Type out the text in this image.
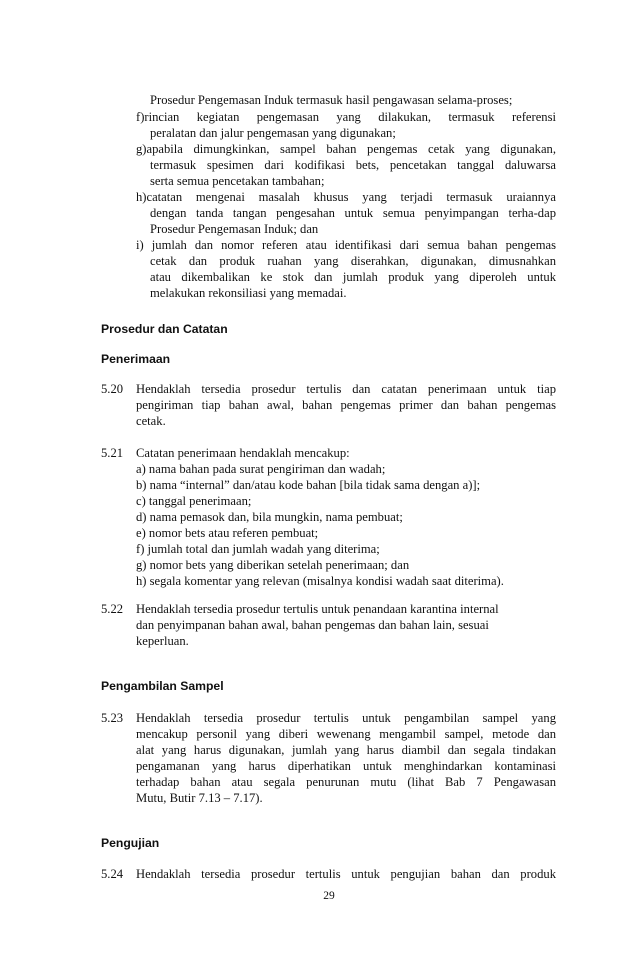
Prosedur Pengemasan Induk termasuk hasil pengawasan selama-proses;
f)rincian kegiatan pengemasan yang dilakukan, termasuk referensi
peralatan dan jalur pengemasan yang digunakan;
g)apabila dimungkinkan, sampel bahan pengemas cetak yang digunakan,
termasuk spesimen dari kodifikasi bets, pencetakan tanggal daluwarsa
serta semua pencetakan tambahan;
h)catatan mengenai masalah khusus yang terjadi termasuk uraiannya
dengan tanda tangan pengesahan untuk semua penyimpangan terha-dap
Prosedur Pengemasan Induk; dan
i) jumlah dan nomor referen atau identifikasi dari semua bahan pengemas
cetak dan produk ruahan yang diserahkan, digunakan, dimusnahkan
atau dikembalikan ke stok dan jumlah produk yang diperoleh untuk
melakukan rekonsiliasi yang memadai.
Prosedur dan Catatan
Penerimaan
5.20 Hendaklah tersedia prosedur tertulis dan catatan penerimaan untuk tiap
pengiriman tiap bahan awal, bahan pengemas primer dan bahan pengemas
cetak.
5.21 Catatan penerimaan hendaklah mencakup:
a) nama bahan pada surat pengiriman dan wadah;
b) nama “internal” dan/atau kode bahan [bila tidak sama dengan a)];
c) tanggal penerimaan;
d) nama pemasok dan, bila mungkin, nama pembuat;
e) nomor bets atau referen pembuat;
f) jumlah total dan jumlah wadah yang diterima;
g) nomor bets yang diberikan setelah penerimaan; dan
h) segala komentar yang relevan (misalnya kondisi wadah saat diterima).
5.22 Hendaklah tersedia prosedur tertulis untuk penandaan karantina internal
dan penyimpanan bahan awal, bahan pengemas dan bahan lain, sesuai
keperluan.
Pengambilan Sampel
5.23 Hendaklah tersedia prosedur tertulis untuk pengambilan sampel yang
mencakup personil yang diberi wewenang mengambil sampel, metode dan
alat yang harus digunakan, jumlah yang harus diambil dan segala tindakan
pengamanan yang harus diperhatikan untuk menghindarkan kontaminasi
terhadap bahan atau segala penurunan mutu (lihat Bab 7 Pengawasan
Mutu, Butir 7.13 – 7.17).
Pengujian
5.24 Hendaklah tersedia prosedur tertulis untuk pengujian bahan dan produk
29
